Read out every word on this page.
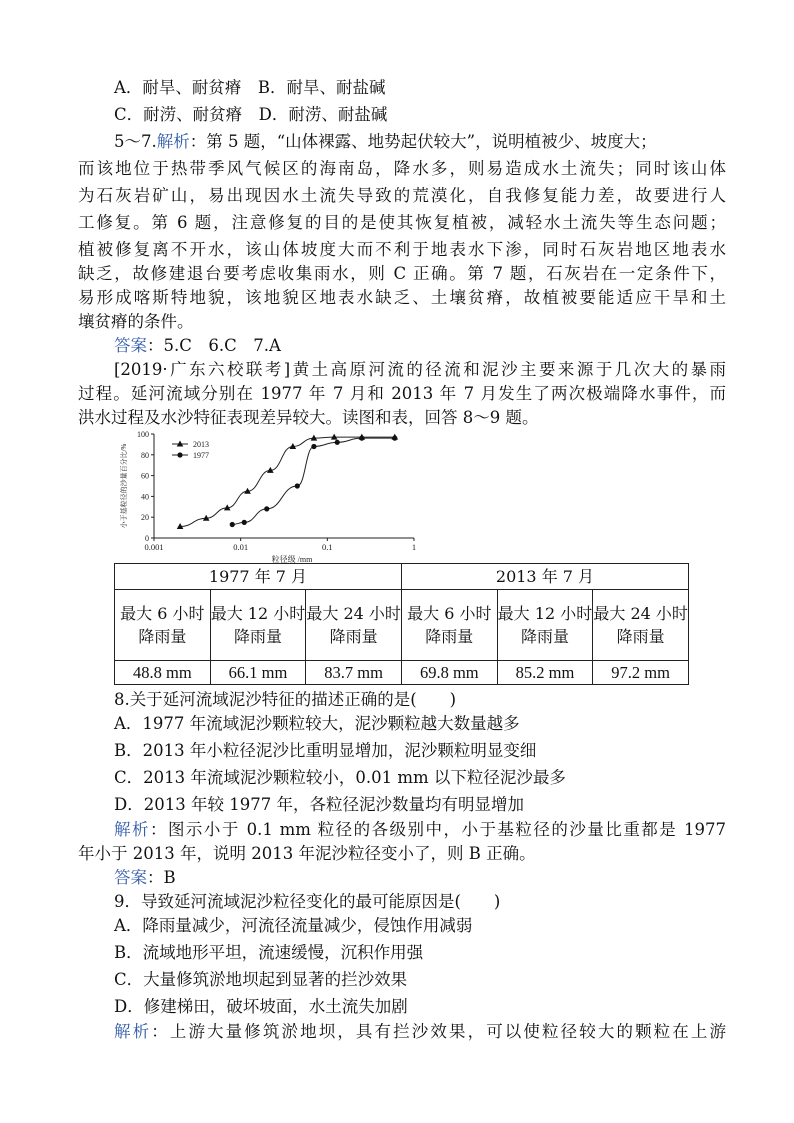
A．耐旱、耐贫瘠　B．耐旱、耐盐碱
C．耐涝、耐贫瘠　D．耐涝、耐盐碱
5～7.解析：第 5 题，“山体裸露、地势起伏较大”，说明植被少、坡度大；
而该地位于热带季风气候区的海南岛，降水多，则易造成水土流失；同时该山体
为石灰岩矿山，易出现因水土流失导致的荒漠化，自我修复能力差，故要进行人
工修复。第 6 题，注意修复的目的是使其恢复植被，减轻水土流失等生态问题；
植被修复离不开水，该山体坡度大而不利于地表水下渗，同时石灰岩地区地表水
缺乏，故修建退台要考虑收集雨水，则 C 正确。第 7 题，石灰岩在一定条件下，
易形成喀斯特地貌，该地貌区地表水缺乏、土壤贫瘠，故植被要能适应干旱和土
壤贫瘠的条件。
答案：5.C　6.C　7.A
[2019·广东六校联考]黄土高原河流的径流和泥沙主要来源于几次大的暴雨
过程。延河流域分别在 1977 年 7 月和 2013 年 7 月发生了两次极端降水事件，而
洪水过程及水沙特征表现差异较大。读图和表，回答 8～9 题。
0
20
40
60
80
100
0.001	0.01	0.1	1
粒径级 /mm
小于基粒径的沙量百分比/%	2013
1977
1977 年 7 月			2013 年 7 月		
最大 6 小时降雨量	最大 12 小时降雨量	最大 24 小时降雨量	最大 6 小时降雨量	最大 12 小时降雨量	最大 24 小时降雨量
48.8 mm	66.1 mm	83.7 mm	69.8 mm	85.2 mm	97.2 mm
8.关于延河流域泥沙特征的描述正确的是(　　)
A．1977 年流域泥沙颗粒较大，泥沙颗粒越大数量越多
B．2013 年小粒径泥沙比重明显增加，泥沙颗粒明显变细
C．2013 年流域泥沙颗粒较小，0.01 mm 以下粒径泥沙最多
D．2013 年较 1977 年，各粒径泥沙数量均有明显增加
解析：图示小于 0.1 mm 粒径的各级别中，小于基粒径的沙量比重都是 1977
年小于 2013 年，说明 2013 年泥沙粒径变小了，则 B 正确。
答案：B
9．导致延河流域泥沙粒径变化的最可能原因是(　　)
A．降雨量减少，河流径流量减少，侵蚀作用减弱
B．流域地形平坦，流速缓慢，沉积作用强
C．大量修筑淤地坝起到显著的拦沙效果
D．修建梯田，破坏坡面，水土流失加剧
解析：上游大量修筑淤地坝，具有拦沙效果，可以使粒径较大的颗粒在上游
